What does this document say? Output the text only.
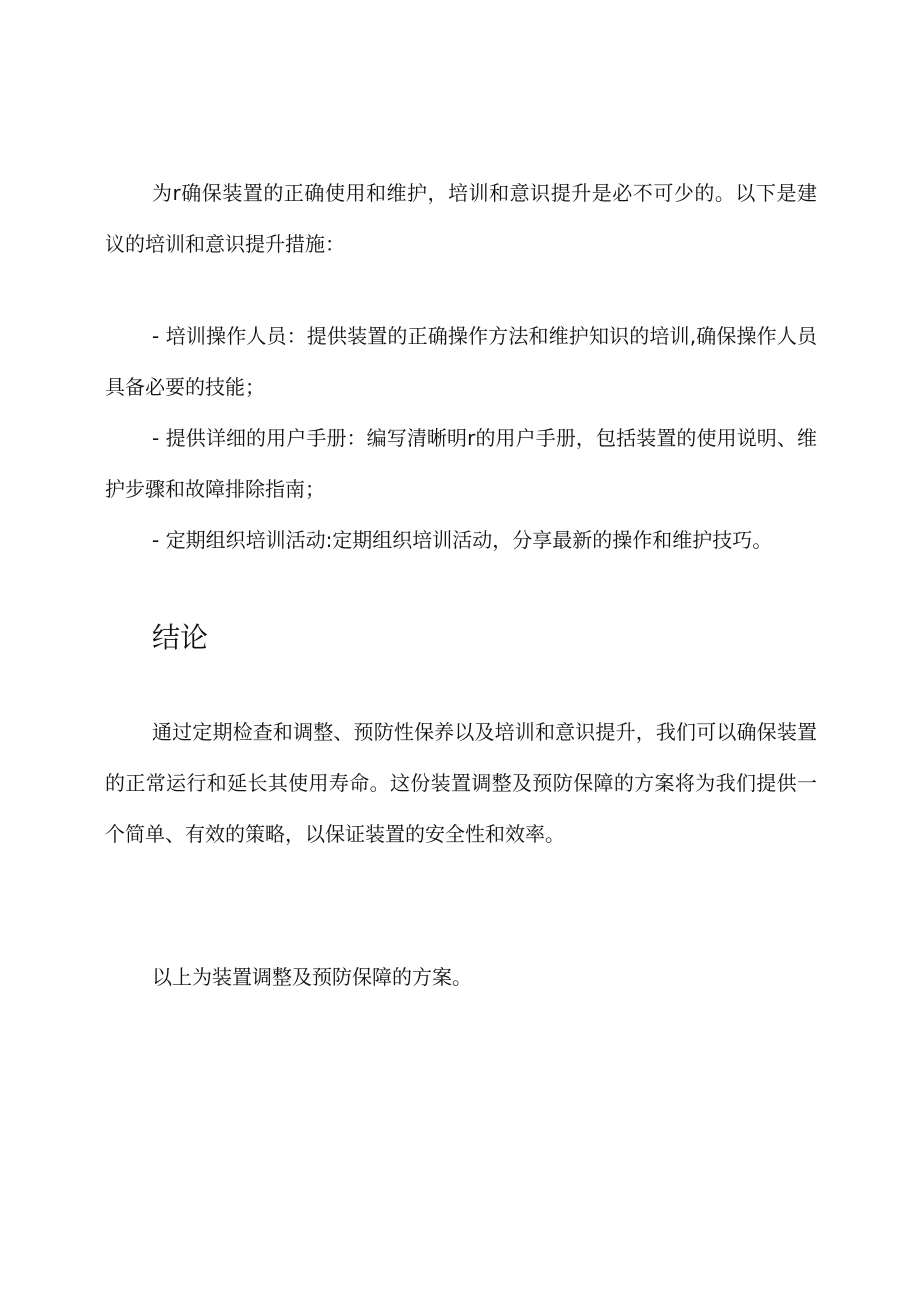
为r确保装置的正确使用和维护，培训和意识提升是必不可少的。以下是建议的培训和意识提升措施：

- 培训操作人员：提供装置的正确操作方法和维护知识的培训,确保操作人员具备必要的技能；

- 提供详细的用户手册：编写清晰明r的用户手册，包括装置的使用说明、维护步骤和故障排除指南；

- 定期组织培训活动:定期组织培训活动，分享最新的操作和维护技巧。

结论

通过定期检查和调整、预防性保养以及培训和意识提升，我们可以确保装置的正常运行和延长其使用寿命。这份装置调整及预防保障的方案将为我们提供一个简单、有效的策略，以保证装置的安全性和效率。

以上为装置调整及预防保障的方案。
